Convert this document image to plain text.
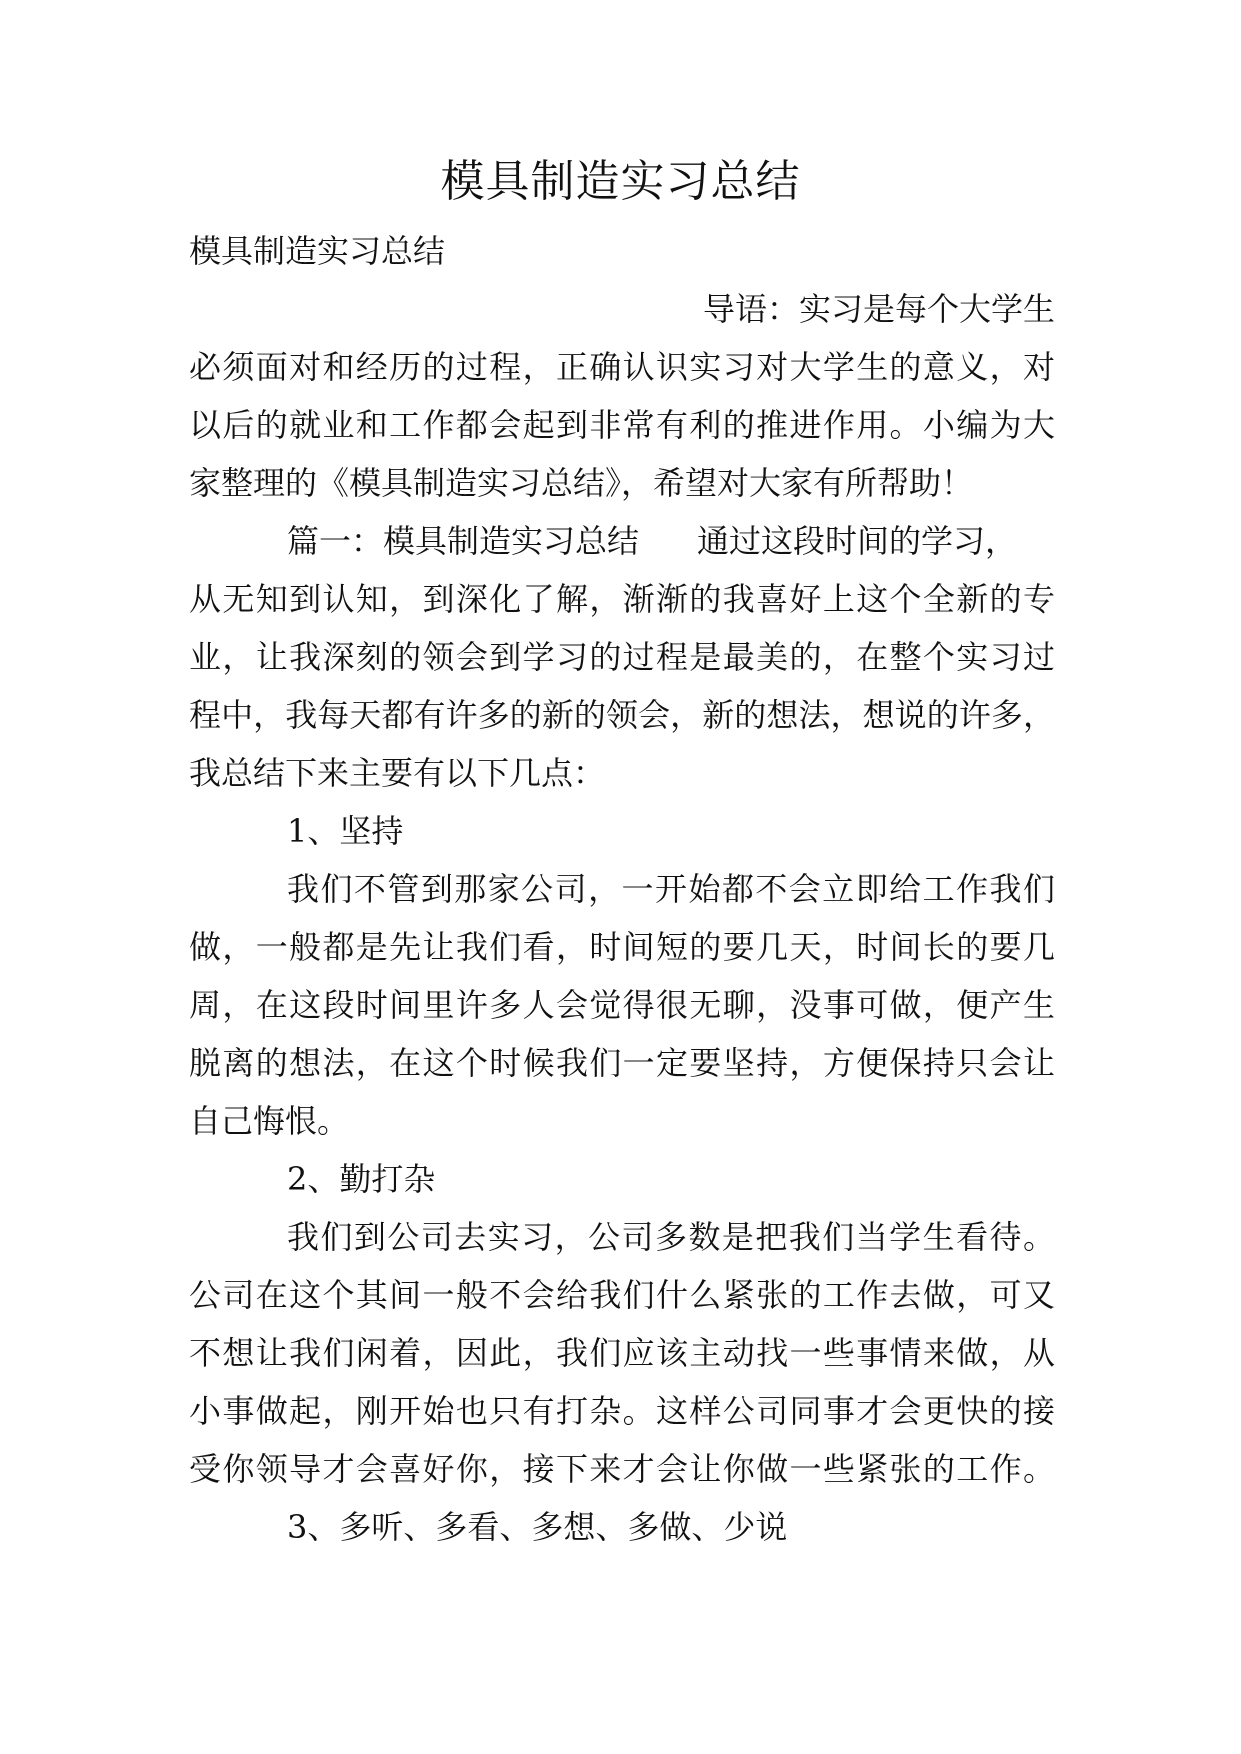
模具制造实习总结
模具制造实习总结
导语：实习是每个大学生
必须面对和经历的过程，正确认识实习对大学生的意义，对
以后的就业和工作都会起到非常有利的推进作用。小编为大
家整理的《模具制造实习总结》，希望对大家有所帮助！
篇一：模具制造实习总结 通过这段时间的学习，
从无知到认知，到深化了解，渐渐的我喜好上这个全新的专
业，让我深刻的领会到学习的过程是最美的，在整个实习过
程中，我每天都有许多的新的领会，新的想法，想说的许多，
我总结下来主要有以下几点：
1、坚持
我们不管到那家公司，一开始都不会立即给工作我们
做，一般都是先让我们看，时间短的要几天，时间长的要几
周，在这段时间里许多人会觉得很无聊，没事可做，便产生
脱离的想法，在这个时候我们一定要坚持，方便保持只会让
自己悔恨。
2、勤打杂
我们到公司去实习，公司多数是把我们当学生看待。
公司在这个其间一般不会给我们什么紧张的工作去做，可又
不想让我们闲着，因此，我们应该主动找一些事情来做，从
小事做起，刚开始也只有打杂。这样公司同事才会更快的接
受你领导才会喜好你，接下来才会让你做一些紧张的工作。
3、多听、多看、多想、多做、少说
